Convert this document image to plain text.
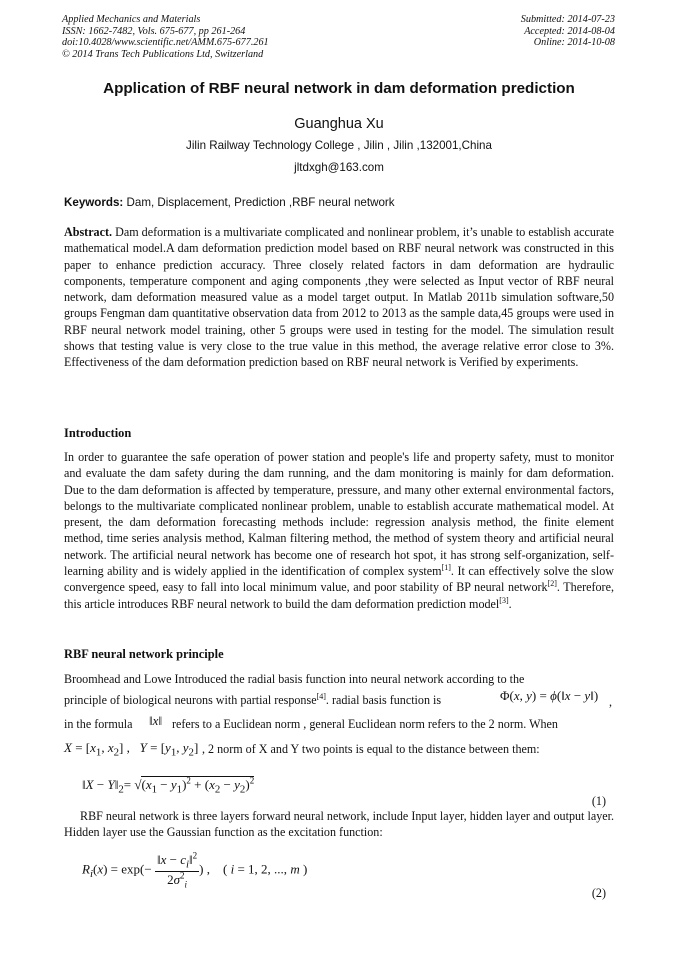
Applied Mechanics and Materials
ISSN: 1662-7482, Vols. 675-677, pp 261-264
doi:10.4028/www.scientific.net/AMM.675-677.261
© 2014 Trans Tech Publications Ltd, Switzerland
Submitted: 2014-07-23
Accepted: 2014-08-04
Online: 2014-10-08
Application of RBF neural network in dam deformation prediction
Guanghua Xu
Jilin Railway Technology College , Jilin , Jilin ,132001,China
jltdxgh@163.com
Keywords: Dam, Displacement, Prediction ,RBF neural network
Abstract. Dam deformation is a multivariate complicated and nonlinear problem, it’s unable to establish accurate mathematical model.A dam deformation prediction model based on RBF neural network was constructed in this paper to enhance prediction accuracy. Three closely related factors in dam deformation are hydraulic components, temperature component and aging components ,they were selected as Input vector of RBF neural network, dam deformation measured value as a model target output. In Matlab 2011b simulation software,50 groups Fengman dam quantitative observation data from 2012 to 2013 as the sample data,45 groups were used in RBF neural network model training, other 5 groups were used in testing for the model. The simulation result shows that testing value is very close to the true value in this method, the average relative error close to 3%. Effectiveness of the dam deformation prediction based on RBF neural network is Verified by experiments.
Introduction
In order to guarantee the safe operation of power station and people's life and property safety, must to monitor and evaluate the dam safety during the dam running, and the dam monitoring is mainly for dam deformation. Due to the dam deformation is affected by temperature, pressure, and many other external environmental factors, belongs to the multivariate complicated nonlinear problem, unable to establish accurate mathematical model. At present, the dam deformation forecasting methods include: regression analysis method, the finite element method, time series analysis method, Kalman filtering method, the method of system theory and artificial neural network. The artificial neural network has become one of research hot spot, it has strong self-organization, self-learning ability and is widely applied in the identification of complex system[1]. It can effectively solve the slow convergence speed, easy to fall into local minimum value, and poor stability of BP neural network[2]. Therefore, this article introduces RBF neural network to build the dam deformation prediction model[3].
RBF neural network principle
Broomhead and Lowe Introduced the radial basis function into neural network according to the
principle of biological neurons with partial response[4]. radial basis function is	Φ(x, y) = ϕ(‖x − y‖) ,
in the formula ‖x‖ refers to a Euclidean norm , general Euclidean norm refers to the 2 norm. When
$X = [x_1$, $x_2$] ,   $Y = [y_1$, $y_2$] , 2 norm of X and Y two points is equal to the distance between them:
‖X − $Y‖_2= √(x_1 - y_1)^2 + (x_2 - y_2)^2$
(1)
RBF neural network is three layers forward neural network, include Input layer, hidden layer and output layer. Hidden layer use the Gaussian function as the excitation function:
$R_i(x) = \exp(- \frac{‖x - c_i‖^2}{2\sigma^2_i}$ ) ,    ( i = 1, 2, ..., m )
(2)
